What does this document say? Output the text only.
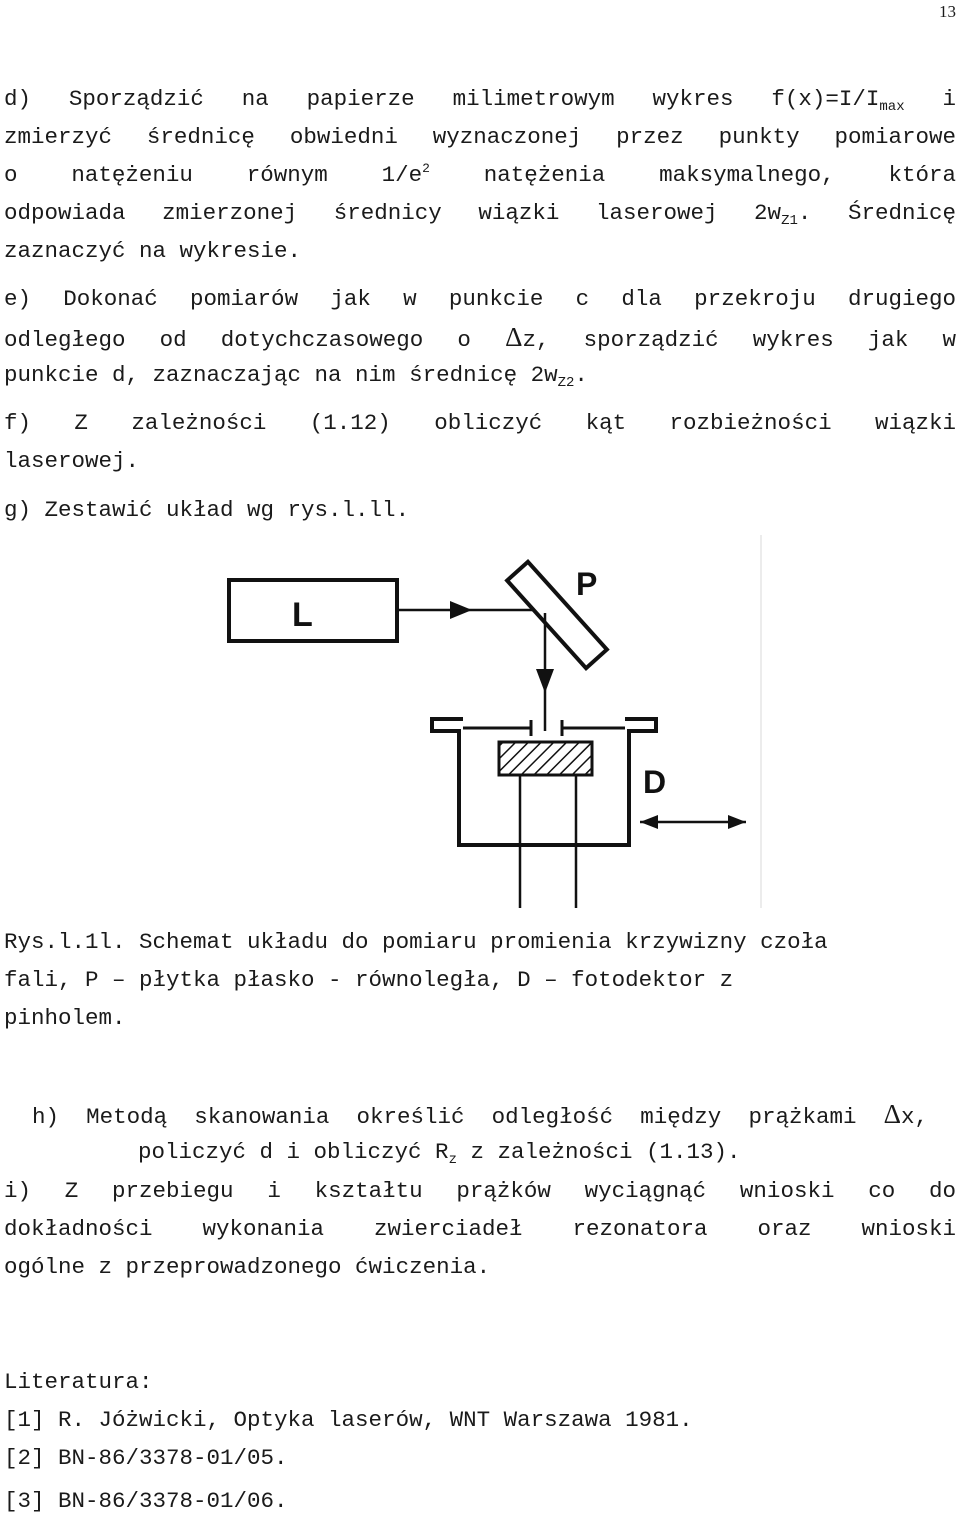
13
d) Sporządzić na papierze milimetrowym wykres $f(x)=I/I_{max}$ i
zmierzyć średnicę obwiedni wyznaczonej przez punkty pomiarowe
o natężeniu równym $1/e^2$ natężenia maksymalnego, która
odpowiada zmierzonej średnicy wiązki laserowej $2w_{Z1}$. Średnicę
zaznaczyć na wykresie.
e) Dokonać pomiarów jak w punkcie c dla przekroju drugiego
odległego od dotychczasowego o Δz, sporządzić wykres jak w
punkcie d, zaznaczając na nim średnicę $2w_{Z2}$.
f) Z zależności (1.12) obliczyć kąt rozbieżności wiązki
laserowej.
g) Zestawić układ wg rys.l.ll.
L
P
D
Rys.l.1l. Schemat układu do pomiaru promienia krzywizny czoła
fali, P – płytka płasko - równoległa, D – fotodektor z
pinholem.
h) Metodą skanowania określić odległość między prążkami Δx,
policzyć d i obliczyć $R_z$ z zależności (1.13).
i) Z przebiegu i kształtu prążków wyciągnąć wnioski co do
dokładności wykonania zwierciadeł rezonatora oraz wnioski
ogólne z przeprowadzonego ćwiczenia.
Literatura:
[1] R. Jóżwicki, Optyka laserów, WNT Warszawa 1981.
[2] BN-86/3378-01/05.
[3] BN-86/3378-01/06.
